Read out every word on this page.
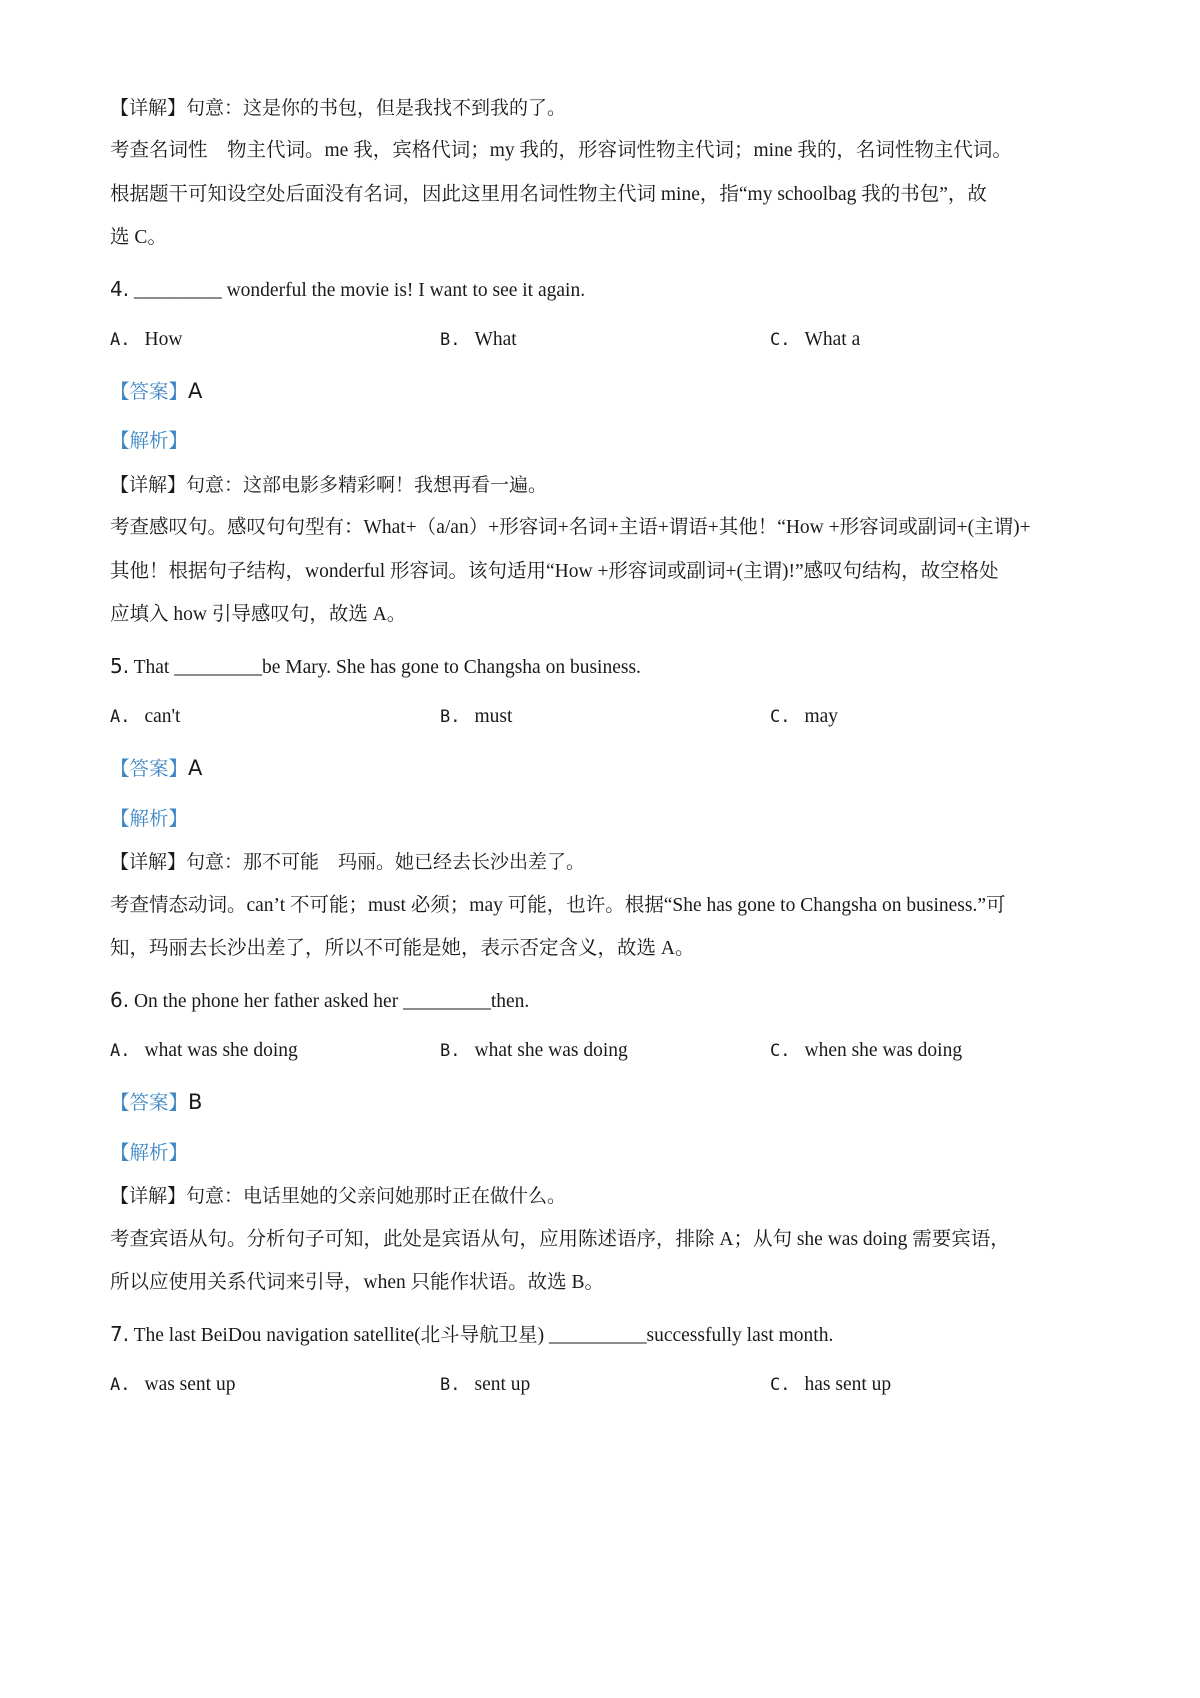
【详解】句意：这是你的书包，但是我找不到我的了。
考查名词性　物主代词。me 我，宾格代词；my 我的，形容词性物主代词；mine 我的，名词性物主代词。
根据题干可知设空处后面没有名词，因此这里用名词性物主代词 mine，指“my schoolbag 我的书包”，故
选 C。
4. _________ wonderful the movie is! I want to see it again.
A. How	B. What	C. What a
【答案】A
【解析】
【详解】句意：这部电影多精彩啊！我想再看一遍。
考查感叹句。感叹句句型有：What+（a/an）+形容词+名词+主语+谓语+其他！“How +形容词或副词+(主谓)+
其他！根据句子结构，wonderful 形容词。该句适用“How +形容词或副词+(主谓)!”感叹句结构，故空格处
应填入 how 引导感叹句，故选 A。
5. That _________be Mary. She has gone to Changsha on business.
A. can't	B. must	C. may
【答案】A
【解析】
【详解】句意：那不可能　玛丽。她已经去长沙出差了。
考查情态动词。can’t 不可能；must 必须；may 可能，也许。根据“She has gone to Changsha on business.”可
知，玛丽去长沙出差了，所以不可能是她，表示否定含义，故选 A。
6. On the phone her father asked her _________then.
A. what was she doing	B. what she was doing	C. when she was doing
【答案】B
【解析】
【详解】句意：电话里她的父亲问她那时正在做什么。
考查宾语从句。分析句子可知，此处是宾语从句，应用陈述语序，排除 A；从句 she was doing 需要宾语，
所以应使用关系代词来引导，when 只能作状语。故选 B。
7. The last BeiDou navigation satellite(北斗导航卫星) __________successfully last month.
A. was sent up	B. sent up	C. has sent up
